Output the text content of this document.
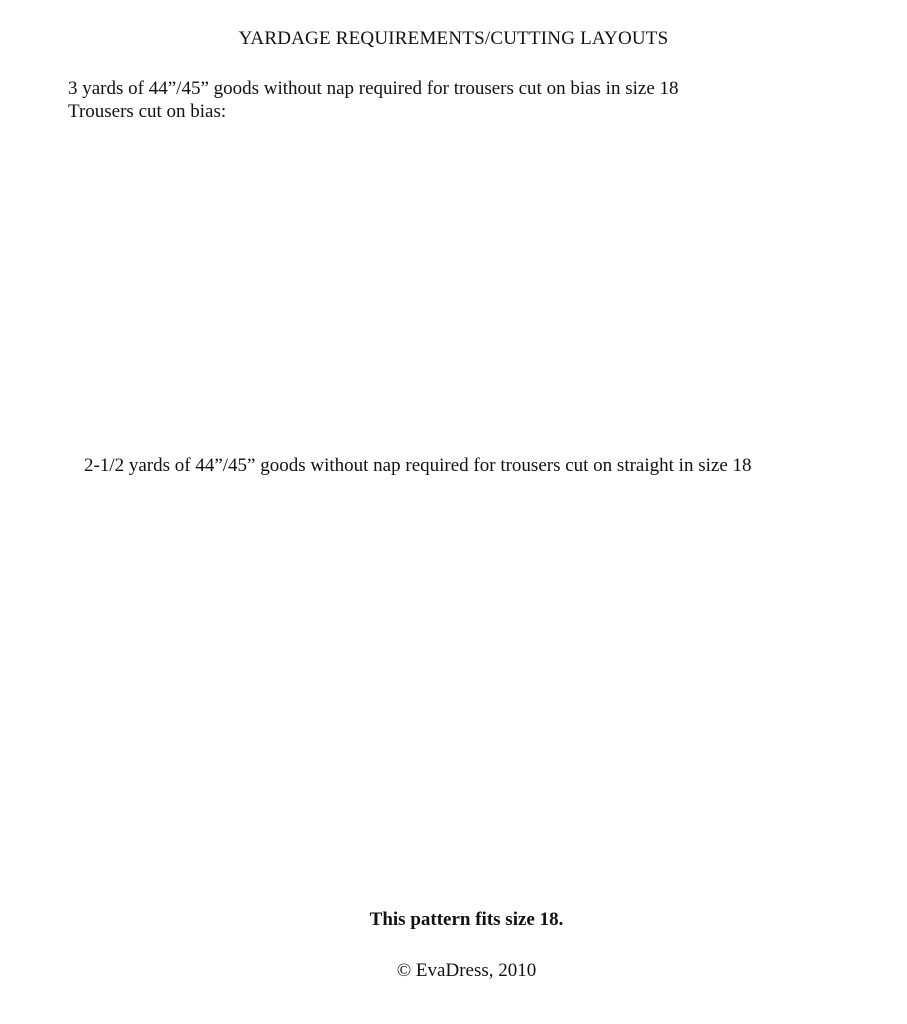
YARDAGE REQUIREMENTS/CUTTING LAYOUTS
3 yards of 44”/45” goods without nap required for trousers cut on bias in size 18
Trousers cut on bias:
2-1/2 yards of 44”/45” goods without nap required for trousers cut on straight in size 18
This pattern fits size 18.
© EvaDress, 2010
